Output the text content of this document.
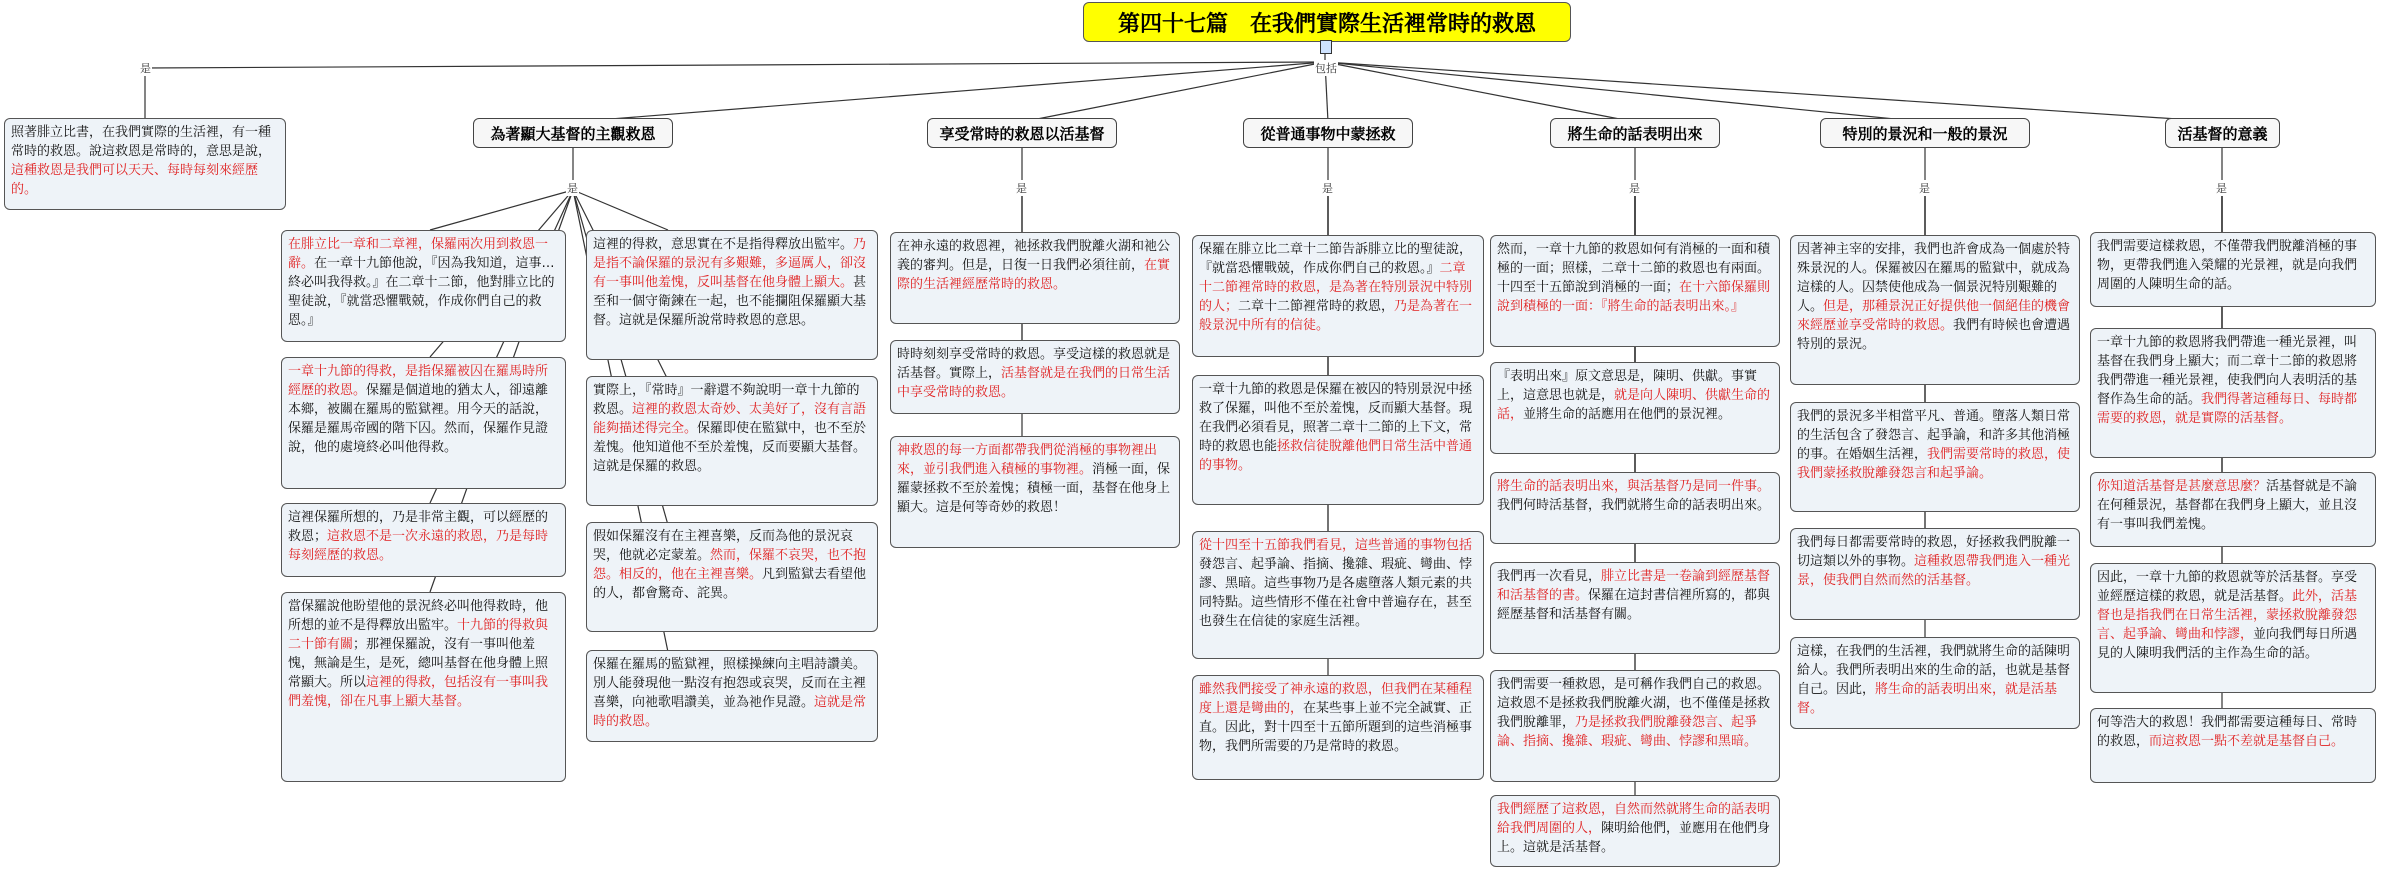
第四十七篇　在我們實際生活裡常時的救恩
是	包括
照著腓立比書，在我們實際的生活裡，有一種常時的救恩。說這救恩是常時的，意思是說，這種救恩是我們可以天天、每時每刻來經歷的。
為著顯大基督的主觀救恩	享受常時的救恩以活基督	從普通事物中蒙拯救	將生命的話表明出來	特別的景況和一般的景況	活基督的意義
是	是	是	是	是	是
在腓立比一章和二章裡，保羅兩次用到救恩一辭。在一章十九節他說，『因為我知道，這事…終必叫我得救。』在二章十二節，他對腓立比的聖徒說，『就當恐懼戰兢，作成你們自己的救恩。』
一章十九節的得救，是指保羅被囚在羅馬時所經歷的救恩。保羅是個道地的猶太人，卻遠離本鄉，被關在羅馬的監獄裡。用今天的話說，保羅是羅馬帝國的階下囚。然而，保羅作見證說，他的處境終必叫他得救。
這裡保羅所想的，乃是非常主觀，可以經歷的救恩；這救恩不是一次永遠的救恩，乃是每時每刻經歷的救恩。
當保羅說他盼望他的景況終必叫他得救時，他所想的並不是得釋放出監牢。十九節的得救與二十節有關；那裡保羅說，沒有一事叫他羞愧，無論是生，是死，總叫基督在他身體上照常顯大。所以這裡的得救，包括沒有一事叫我們羞愧，卻在凡事上顯大基督。
這裡的得救，意思實在不是指得釋放出監牢。乃是指不論保羅的景況有多艱難，多逼厲人，卻沒有一事叫他羞愧，反叫基督在他身體上顯大。甚至和一個守衛鍊在一起，也不能攔阻保羅顯大基督。這就是保羅所說常時救恩的意思。
實際上，『常時』一辭還不夠說明一章十九節的救恩。這裡的救恩太奇妙、太美好了，沒有言語能夠描述得完全。保羅即使在監獄中，也不至於羞愧。他知道他不至於羞愧，反而要顯大基督。這就是保羅的救恩。
假如保羅沒有在主裡喜樂，反而為他的景況哀哭，他就必定蒙羞。然而，保羅不哀哭，也不抱怨。相反的，他在主裡喜樂。凡到監獄去看望他的人，都會驚奇、詫異。
保羅在羅馬的監獄裡，照樣操練向主唱詩讚美。別人能發現他一點沒有抱怨或哀哭，反而在主裡喜樂，向祂歌唱讚美，並為祂作見證。這就是常時的救恩。
在神永遠的救恩裡，祂拯救我們脫離火湖和祂公義的審判。但是，日復一日我們必須往前，在實際的生活裡經歷常時的救恩。
時時刻刻享受常時的救恩。享受這樣的救恩就是活基督。實際上，活基督就是在我們的日常生活中享受常時的救恩。
神救恩的每一方面都帶我們從消極的事物裡出來，並引我們進入積極的事物裡。消極一面，保羅蒙拯救不至於羞愧；積極一面，基督在他身上顯大。這是何等奇妙的救恩！
保羅在腓立比二章十二節告訴腓立比的聖徒說，『就當恐懼戰兢，作成你們自己的救恩。』二章十二節裡常時的救恩，是為著在特別景況中特別的人；二章十二節裡常時的救恩，乃是為著在一般景況中所有的信徒。
一章十九節的救恩是保羅在被囚的特別景況中拯救了保羅，叫他不至於羞愧，反而顯大基督。現在我們必須看見，照著二章十二節的上下文，常時的救恩也能拯救信徒脫離他們日常生活中普通的事物。
從十四至十五節我們看見，這些普通的事物包括發怨言、起爭論、指摘、攙雜、瑕疵、彎曲、悖謬、黑暗。這些事物乃是各處墮落人類元素的共同特點。這些情形不僅在社會中普遍存在，甚至也發生在信徒的家庭生活裡。
雖然我們接受了神永遠的救恩，但我們在某種程度上還是彎曲的，在某些事上並不完全誠實、正直。因此，對十四至十五節所題到的這些消極事物，我們所需要的乃是常時的救恩。
然而，一章十九節的救恩如何有消極的一面和積極的一面；照樣，二章十二節的救恩也有兩面。十四至十五節說到消極的一面；在十六節保羅則說到積極的一面：『將生命的話表明出來。』
『表明出來』原文意思是，陳明、供獻。事實上，這意思也就是，就是向人陳明、供獻生命的話，並將生命的話應用在他們的景況裡。
將生命的話表明出來，與活基督乃是同一件事。我們何時活基督，我們就將生命的話表明出來。
我們再一次看見，腓立比書是一卷論到經歷基督和活基督的書。保羅在這封書信裡所寫的，都與經歷基督和活基督有關。
我們需要一種救恩，是可稱作我們自己的救恩。這救恩不是拯救我們脫離火湖，也不僅僅是拯救我們脫離罪，乃是拯救我們脫離發怨言、起爭論、指摘、攙雜、瑕疵、彎曲、悖謬和黑暗。
我們經歷了這救恩，自然而然就將生命的話表明給我們周圍的人，陳明給他們，並應用在他們身上。這就是活基督。
因著神主宰的安排，我們也許會成為一個處於特殊景況的人。保羅被囚在羅馬的監獄中，就成為這樣的人。囚禁使他成為一個景況特別艱難的人。但是，那種景況正好提供他一個絕佳的機會來經歷並享受常時的救恩。我們有時候也會遭遇特別的景況。
我們的景況多半相當平凡、普通。墮落人類日常的生活包含了發怨言、起爭論，和許多其他消極的事。在婚姻生活裡，我們需要常時的救恩，使我們蒙拯救脫離發怨言和起爭論。
我們每日都需要常時的救恩，好拯救我們脫離一切這類以外的事物。這種救恩帶我們進入一種光景，使我們自然而然的活基督。
這樣，在我們的生活裡，我們就將生命的話陳明給人。我們所表明出來的生命的話，也就是基督自己。因此，將生命的話表明出來，就是活基督。
我們需要這樣救恩，不僅帶我們脫離消極的事物，更帶我們進入榮耀的光景裡，就是向我們周圍的人陳明生命的話。
一章十九節的救恩將我們帶進一種光景裡，叫基督在我們身上顯大；而二章十二節的救恩將我們帶進一種光景裡，使我們向人表明活的基督作為生命的話。我們得著這種每日、每時都需要的救恩，就是實際的活基督。
你知道活基督是甚麼意思麼？活基督就是不論在何種景況，基督都在我們身上顯大，並且沒有一事叫我們羞愧。
因此，一章十九節的救恩就等於活基督。享受並經歷這樣的救恩，就是活基督。此外，活基督也是指我們在日常生活裡，蒙拯救脫離發怨言、起爭論、彎曲和悖謬，並向我們每日所遇見的人陳明我們活的主作為生命的話。
何等浩大的救恩！我們都需要這種每日、常時的救恩，而這救恩一點不差就是基督自己。
